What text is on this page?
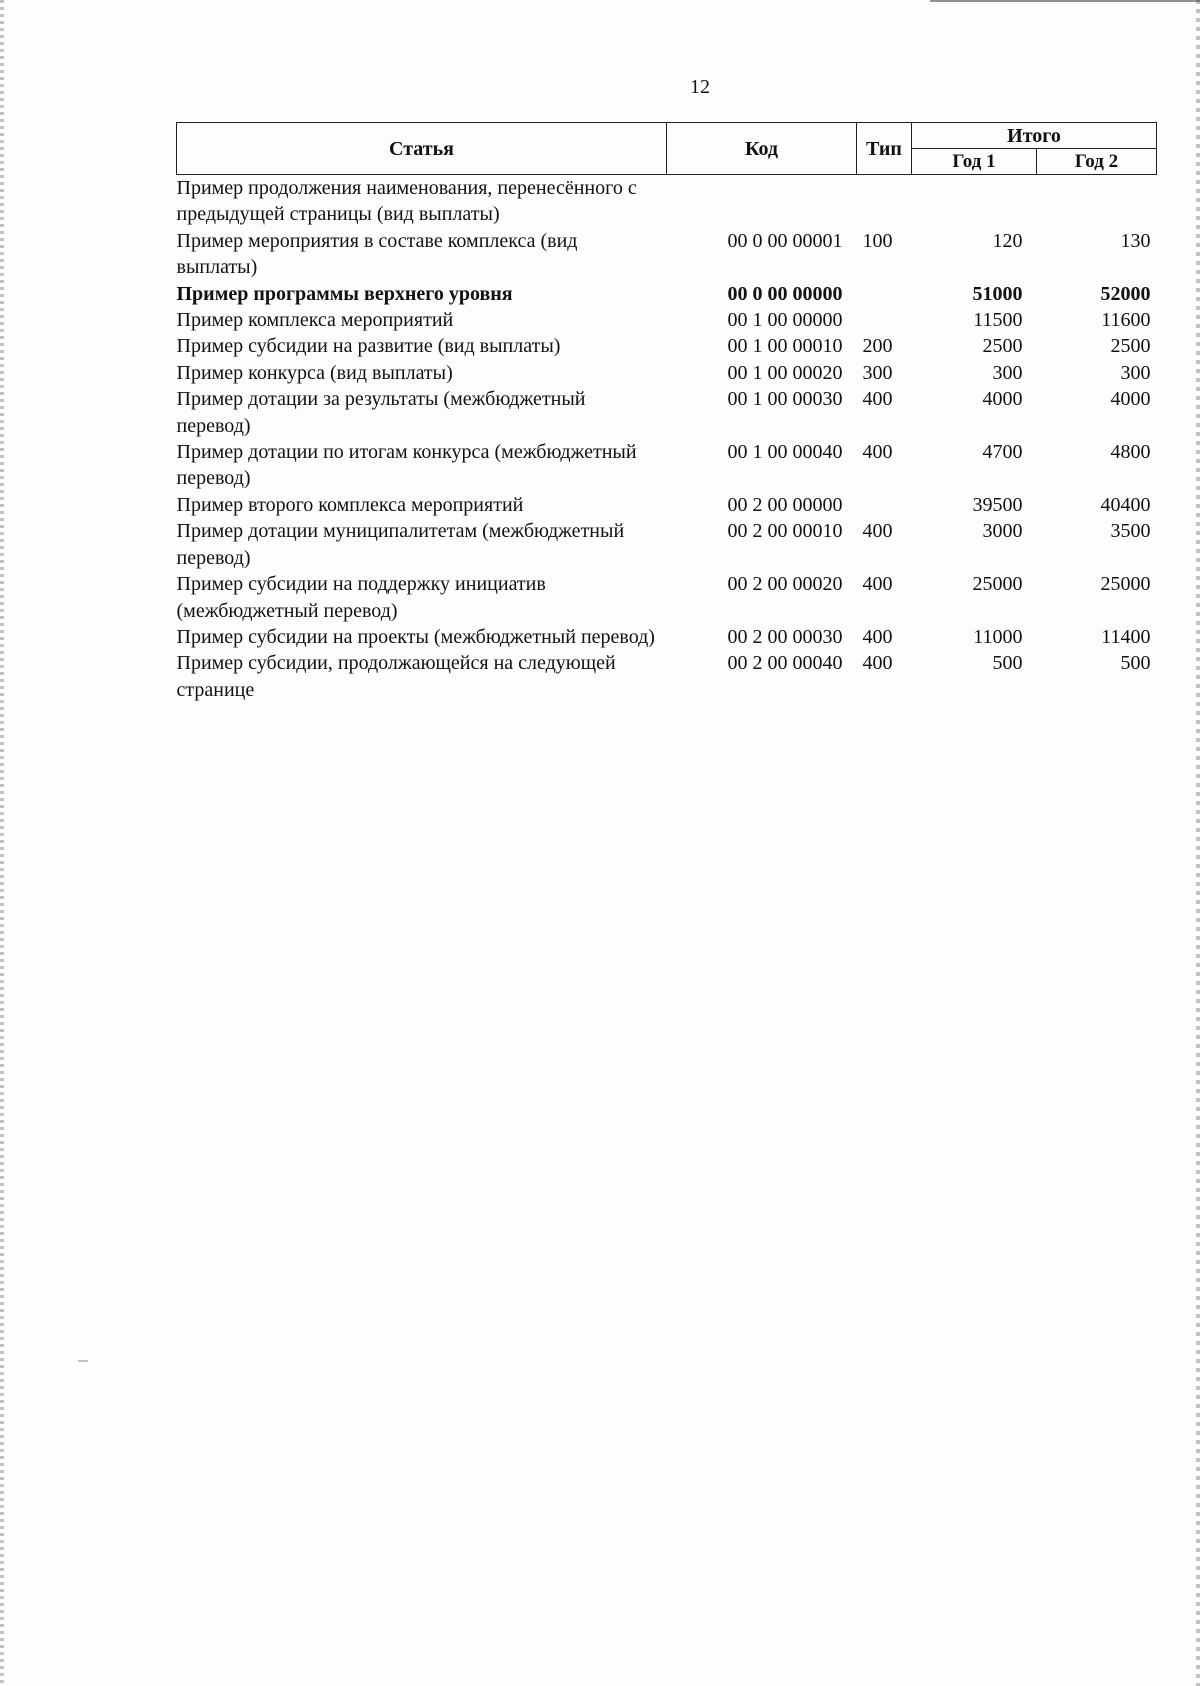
12
Статья	Код	Тип	Итого	
			Год 1	Год 2
Пример продолжения наименования, перенесённого с предыдущей страницы (вид выплаты)				
Пример мероприятия в составе комплекса (вид выплаты)	00 0 00 00001	100	120	130
Пример программы верхнего уровня	00 0 00 00000		51000	52000
Пример комплекса мероприятий	00 1 00 00000		11500	11600
Пример субсидии на развитие (вид выплаты)	00 1 00 00010	200	2500	2500
Пример конкурса (вид выплаты)	00 1 00 00020	300	300	300
Пример дотации за результаты (межбюджетный перевод)	00 1 00 00030	400	4000	4000
Пример дотации по итогам конкурса (межбюджетный перевод)	00 1 00 00040	400	4700	4800
Пример второго комплекса мероприятий	00 2 00 00000		39500	40400
Пример дотации муниципалитетам (межбюджетный перевод)	00 2 00 00010	400	3000	3500
Пример субсидии на поддержку инициатив (межбюджетный перевод)	00 2 00 00020	400	25000	25000
Пример субсидии на проекты (межбюджетный перевод)	00 2 00 00030	400	11000	11400
Пример субсидии, продолжающейся на следующей странице	00 2 00 00040	400	500	500
